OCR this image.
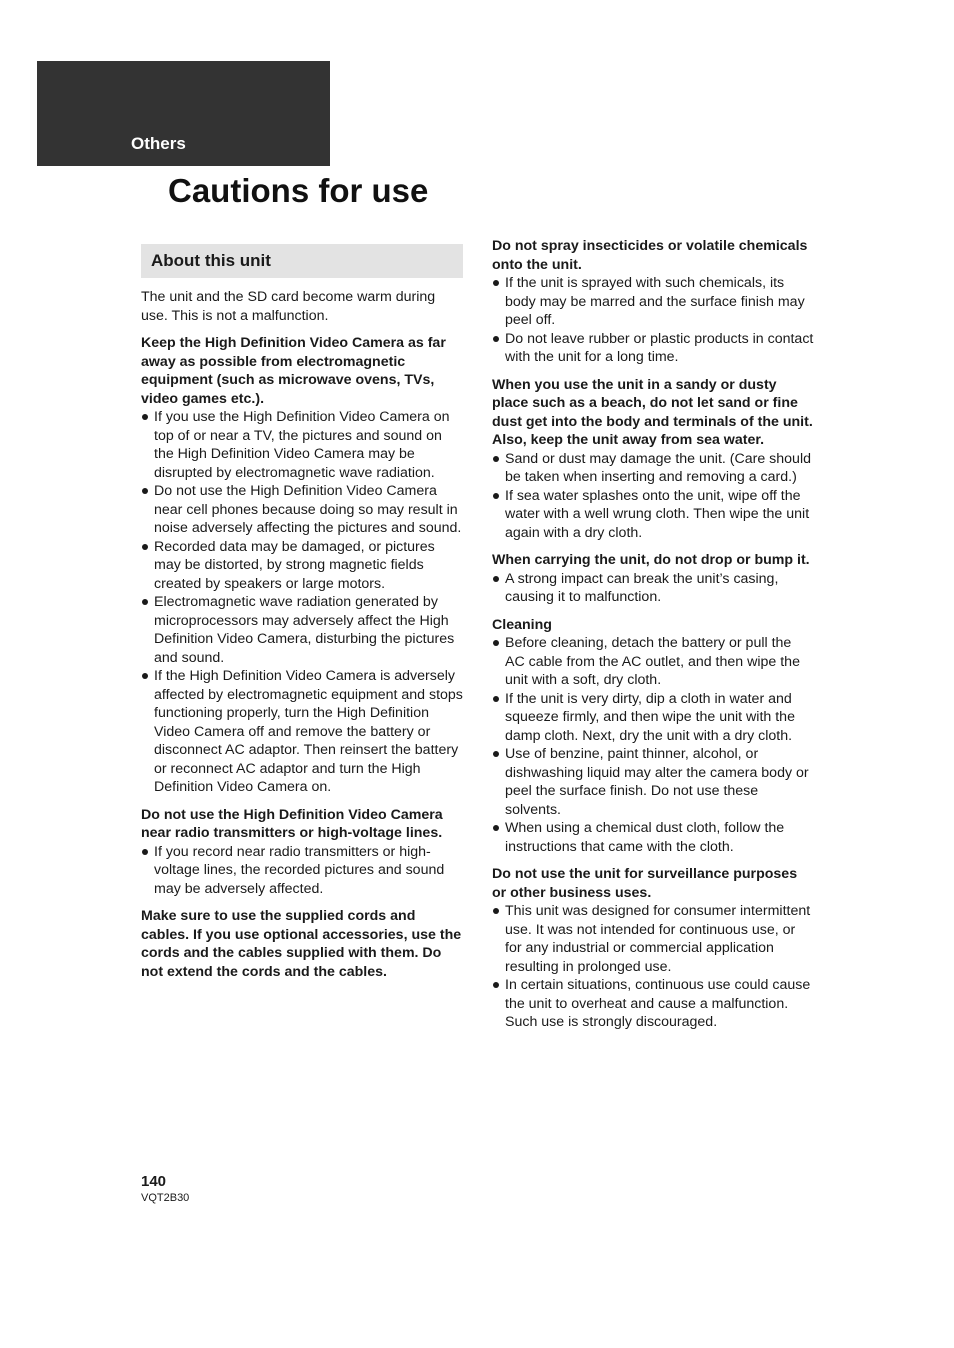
Others
Cautions for use
About this unit

The unit and the SD card become warm during use. This is not a malfunction.

Keep the High Definition Video Camera as far away as possible from electromagnetic equipment (such as microwave ovens, TVs, video games etc.).

If you use the High Definition Video Camera on top of or near a TV, the pictures and sound on the High Definition Video Camera may be disrupted by electromagnetic wave radiation.
Do not use the High Definition Video Camera near cell phones because doing so may result in noise adversely affecting the pictures and sound.
Recorded data may be damaged, or pictures may be distorted, by strong magnetic fields created by speakers or large motors.
Electromagnetic wave radiation generated by microprocessors may adversely affect the High Definition Video Camera, disturbing the pictures and sound.
If the High Definition Video Camera is adversely affected by electromagnetic equipment and stops functioning properly, turn the High Definition Video Camera off and remove the battery or disconnect AC adaptor. Then reinsert the battery or reconnect AC adaptor and turn the High Definition Video Camera on.

Do not use the High Definition Video Camera near radio transmitters or high-voltage lines.

If you record near radio transmitters or high-voltage lines, the recorded pictures and sound may be adversely affected.

Make sure to use the supplied cords and cables. If you use optional accessories, use the cords and the cables supplied with them. Do not extend the cords and the cables.

Do not spray insecticides or volatile chemicals onto the unit.

If the unit is sprayed with such chemicals, its body may be marred and the surface finish may peel off.
Do not leave rubber or plastic products in contact with the unit for a long time.

When you use the unit in a sandy or dusty place such as a beach, do not let sand or fine dust get into the body and terminals of the unit.

Also, keep the unit away from sea water.

Sand or dust may damage the unit. (Care should be taken when inserting and removing a card.)
If sea water splashes onto the unit, wipe off the water with a well wrung cloth. Then wipe the unit again with a dry cloth.

When carrying the unit, do not drop or bump it.

A strong impact can break the unit’s casing, causing it to malfunction.

Cleaning

Before cleaning, detach the battery or pull the AC cable from the AC outlet, and then wipe the unit with a soft, dry cloth.
If the unit is very dirty, dip a cloth in water and squeeze firmly, and then wipe the unit with the damp cloth. Next, dry the unit with a dry cloth.
Use of benzine, paint thinner, alcohol, or dishwashing liquid may alter the camera body or peel the surface finish. Do not use these solvents.
When using a chemical dust cloth, follow the instructions that came with the cloth.

Do not use the unit for surveillance purposes or other business uses.

This unit was designed for consumer intermittent use. It was not intended for continuous use, or for any industrial or commercial application resulting in prolonged use.
In certain situations, continuous use could cause the unit to overheat and cause a malfunction. Such use is strongly discouraged.
140
VQT2B30
